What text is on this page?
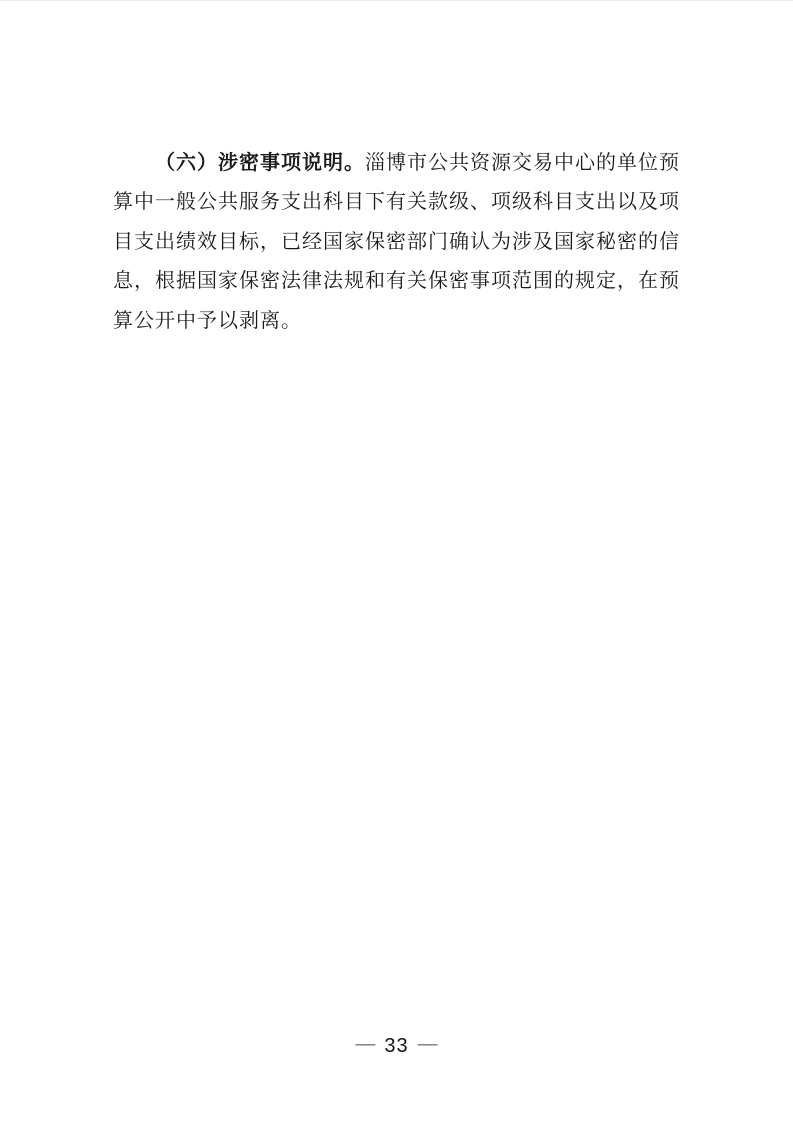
（六）涉密事项说明。淄博市公共资源交易中心的单位预
算中一般公共服务支出科目下有关款级、项级科目支出以及项
目支出绩效目标，已经国家保密部门确认为涉及国家秘密的信
息，根据国家保密法律法规和有关保密事项范围的规定，在预
算公开中予以剥离。
— 33 —
